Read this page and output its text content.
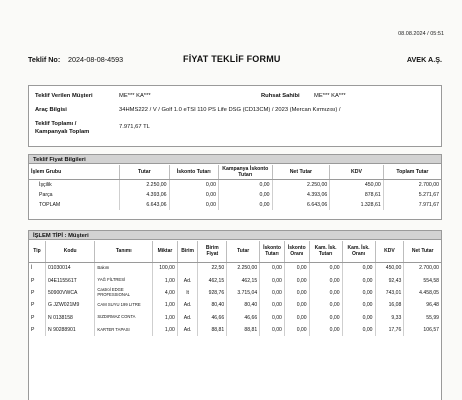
08.08.2024 / 05:51
Teklif No: 2024-08-08-4593	FİYAT TEKLİF FORMU	AVEK A.Ş.
Teklif Verilen Müşteri	ME*** KA***	Ruhsat Sahibi ME*** KA***
Araç Bilgisi	34HMS222 / V / Golf 1.0 eTSI 110 PS Life DSG (CD13CM) / 2023 (Mercan Kırmızısı) /
Teklif Toplamı /
Kampanyalı Toplam
7.971,67 TL
Teklif Fiyat Bilgileri
İşlem Grubu	Tutar	İskonto Tutarı	Kampanya İskonto Tutarı	Net Tutar	KDV	Toplam Tutar
İşçilik	2.250,00	0,00	0,00	2.250,00	450,00	2.700,00
Parça	4.393,06	0,00	0,00	4.393,06	878,61	5.271,67
TOPLAM	6.643,06	0,00	0,00	6.643,06	1.328,61	7.971,67
İŞLEM TİPİ : Müşteri
Tip	Kodu	Tanımı	Miktar	Birim	Birim Fiyat	Tutar	İskonto Tutarı	İskonto Oranı	Kam. İsk. Tutarı	Kam. İsk. Oranı	KDV	Net Tutar
İ	01030014	Bakım	100,00		22,50	2.250,00	0,00	0,00	0,00	0,00	450,00	2.700,00
P	04E115561T	YAĞ FİLTRESİ	1,00	Ad.	462,15	462,15	0,00	0,00	0,00	0,00	92,43	554,58
P	50900VWCA	Castrol EDGE PROFESSIONAL	4,00	lt	928,76	3.715,04	0,00	0,00	0,00	0,00	743,01	4.458,05
P	G JZW021M9	CAM SUYU 199 LITRE	1,00	Ad.	80,40	80,40	0,00	0,00	0,00	0,00	16,08	96,48
P	N 0138158	SIZDIRMAZ CONTA	1,00	Ad.	46,66	46,66	0,00	0,00	0,00	0,00	9,33	55,99
P	N 90288901	KARTER TAPASI	1,00	Ad.	88,81	88,81	0,00	0,00	0,00	0,00	17,76	106,57
